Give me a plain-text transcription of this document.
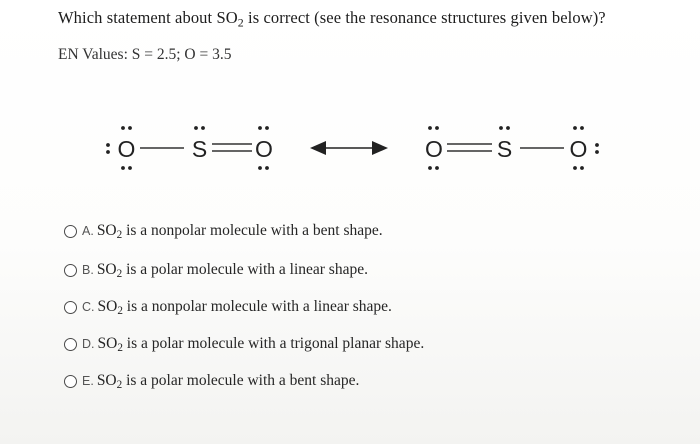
Which statement about $SO_2$ is correct (see the resonance structures given below)?
EN Values: S = 2.5; O = 3.5
O S O	O S O
A. $SO_2$ is a nonpolar molecule with a bent shape.
B. $SO_2$ is a polar molecule with a linear shape.
C. $SO_2$ is a nonpolar molecule with a linear shape.
D. $SO_2$ is a polar molecule with a trigonal planar shape.
E. $SO_2$ is a polar molecule with a bent shape.
